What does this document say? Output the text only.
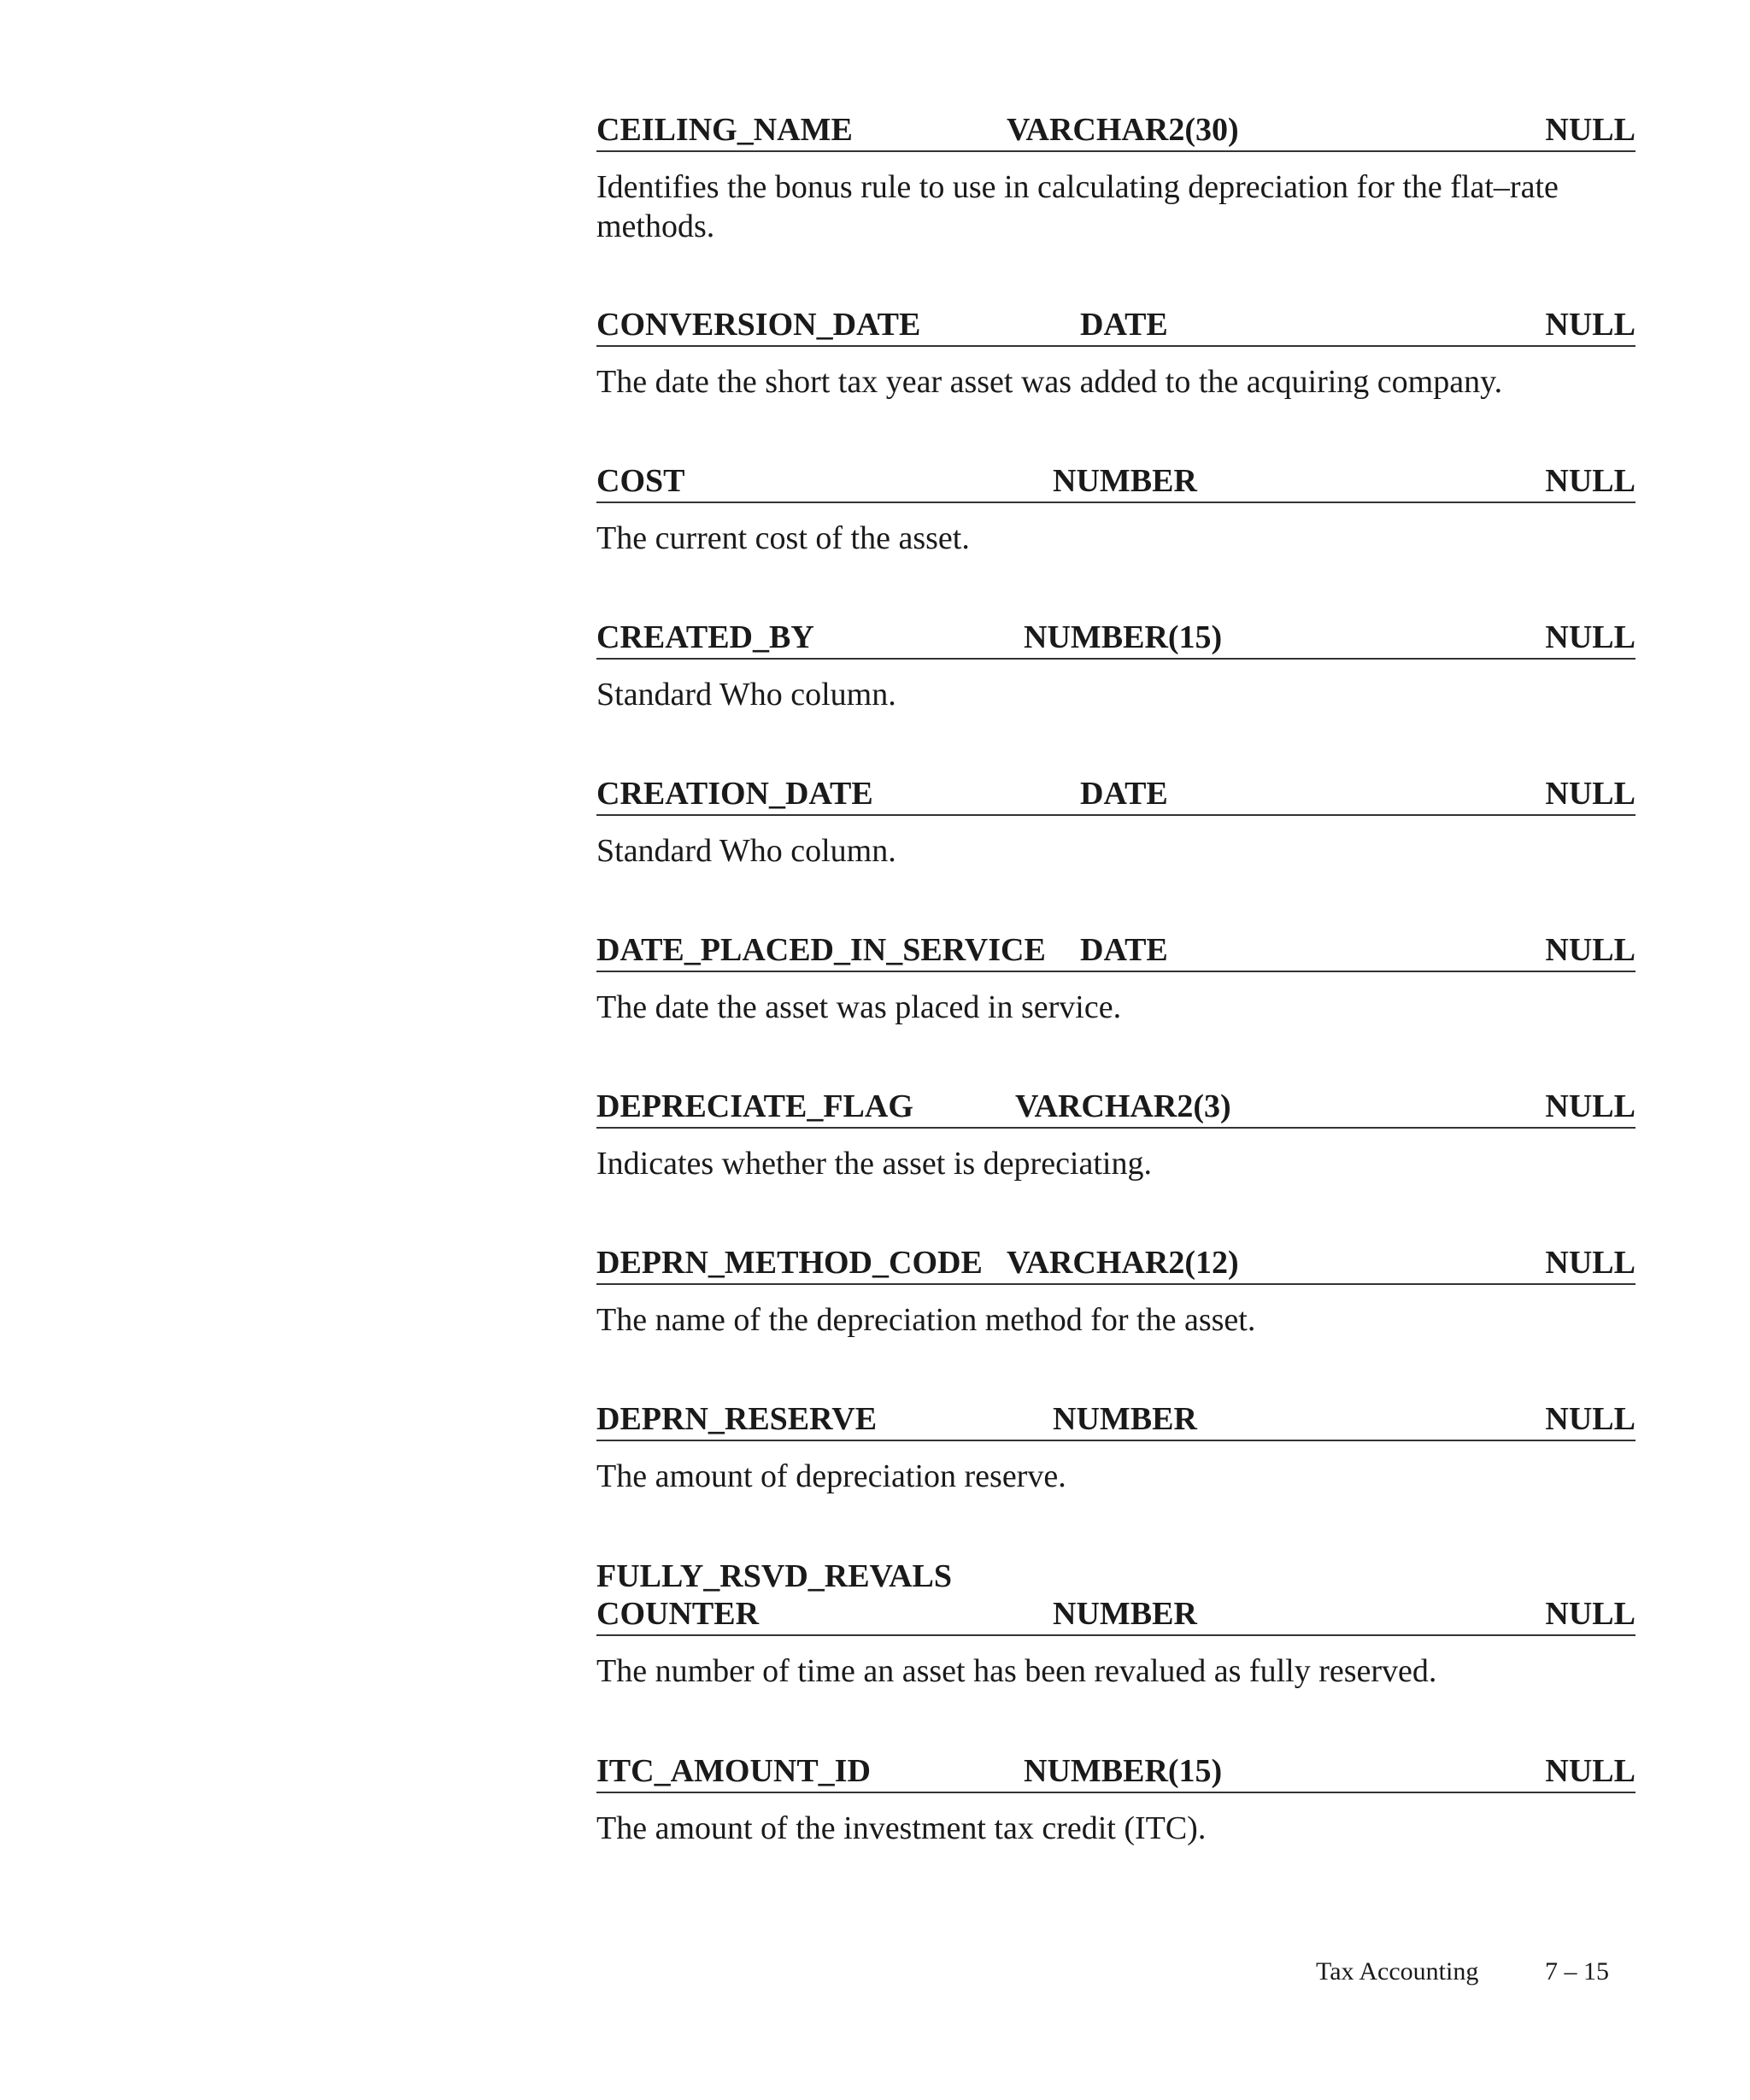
CEILING_NAME	VARCHAR2(30)	NULL
Identifies the bonus rule to use in calculating depreciation for the flat–rate methods.
CONVERSION_DATE	DATE	NULL
The date the short tax year asset was added to the acquiring company.
COST	NUMBER	NULL
The current cost of the asset.
CREATED_BY	NUMBER(15)	NULL
Standard Who column.
CREATION_DATE	DATE	NULL
Standard Who column.
DATE_PLACED_IN_SERVICE DATE	NULL
The date the asset was placed in service.
DEPRECIATE_FLAG	VARCHAR2(3)	NULL
Indicates whether the asset is depreciating.
DEPRN_METHOD_CODE VARCHAR2(12)	NULL
The name of the depreciation method for the asset.
DEPRN_RESERVE	NUMBER	NULL
The amount of depreciation reserve.
FULLY_RSVD_REVALS
COUNTER	NUMBER	NULL
The number of time an asset has been revalued as fully reserved.
ITC_AMOUNT_ID	NUMBER(15)	NULL
The amount of the investment tax credit (ITC).
Tax Accounting	7 – 15
